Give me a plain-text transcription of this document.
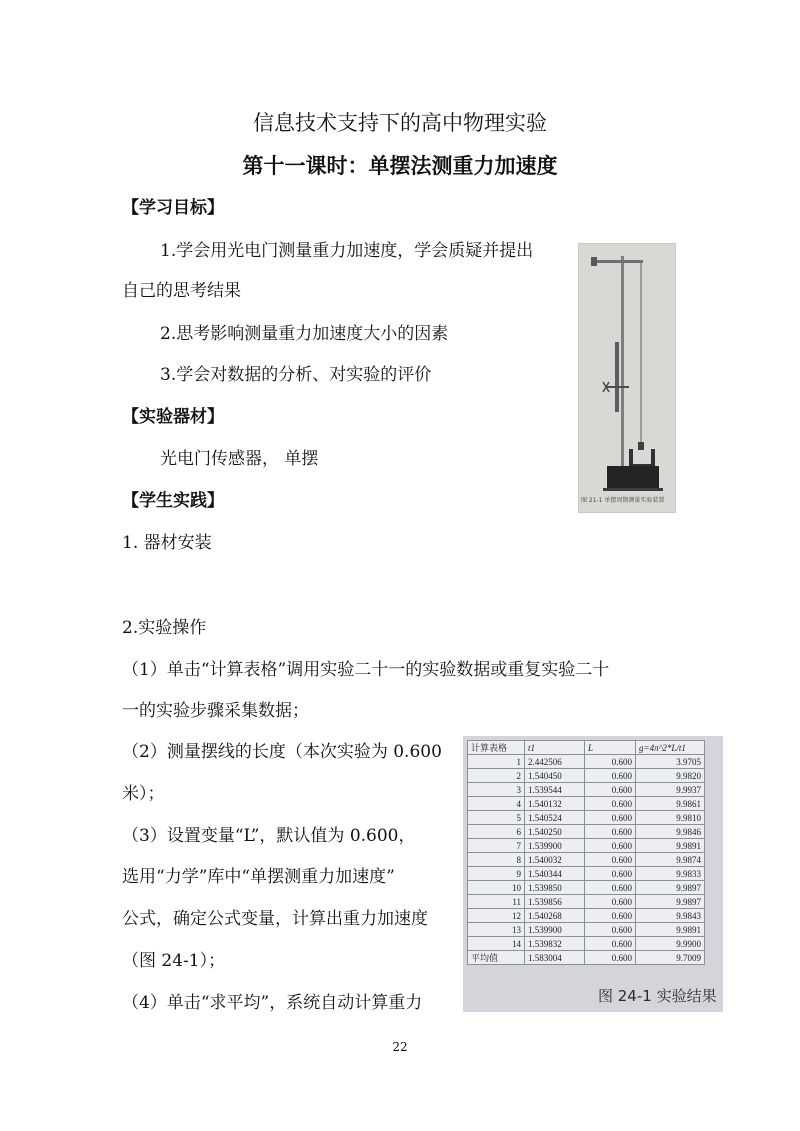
信息技术支持下的高中物理实验
第十一课时：单摆法测重力加速度
【学习目标】
1.学会用光电门测量重力加速度，学会质疑并提出
自己的思考结果
2.思考影响测量重力加速度大小的因素
3.学会对数据的分析、对实验的评价
【实验器材】
光电门传感器， 单摆
【学生实践】
1. 器材安装
2.实验操作
（1）单击“计算表格”调用实验二十一的实验数据或重复实验二十
一的实验步骤采集数据；
（2）测量摆线的长度（本次实验为 0.600
米）；
（3）设置变量“L”，默认值为 0.600，
选用“力学”库中“单摆测重力加速度”
公式，确定公式变量，计算出重力加速度
（图 24-1）；
（4）单击“求平均”，系统自动计算重力
图 21-1 单摆周期测量实验装置
计算表格	t1	L	g=4π^2*L/t1
1	2.442506	0.600	3.9705
2	1.540450	0.600	9.9820
3	1.539544	0.600	9.9937
4	1.540132	0.600	9.9861
5	1.540524	0.600	9.9810
6	1.540250	0.600	9.9846
7	1.539900	0.600	9.9891
8	1.540032	0.600	9.9874
9	1.540344	0.600	9.9833
10	1.539850	0.600	9.9897
11	1.539856	0.600	9.9897
12	1.540268	0.600	9.9843
13	1.539900	0.600	9.9891
14	1.539832	0.600	9.9900
平均值	1.583004	0.600	9.7009
图 24-1 实验结果
22
